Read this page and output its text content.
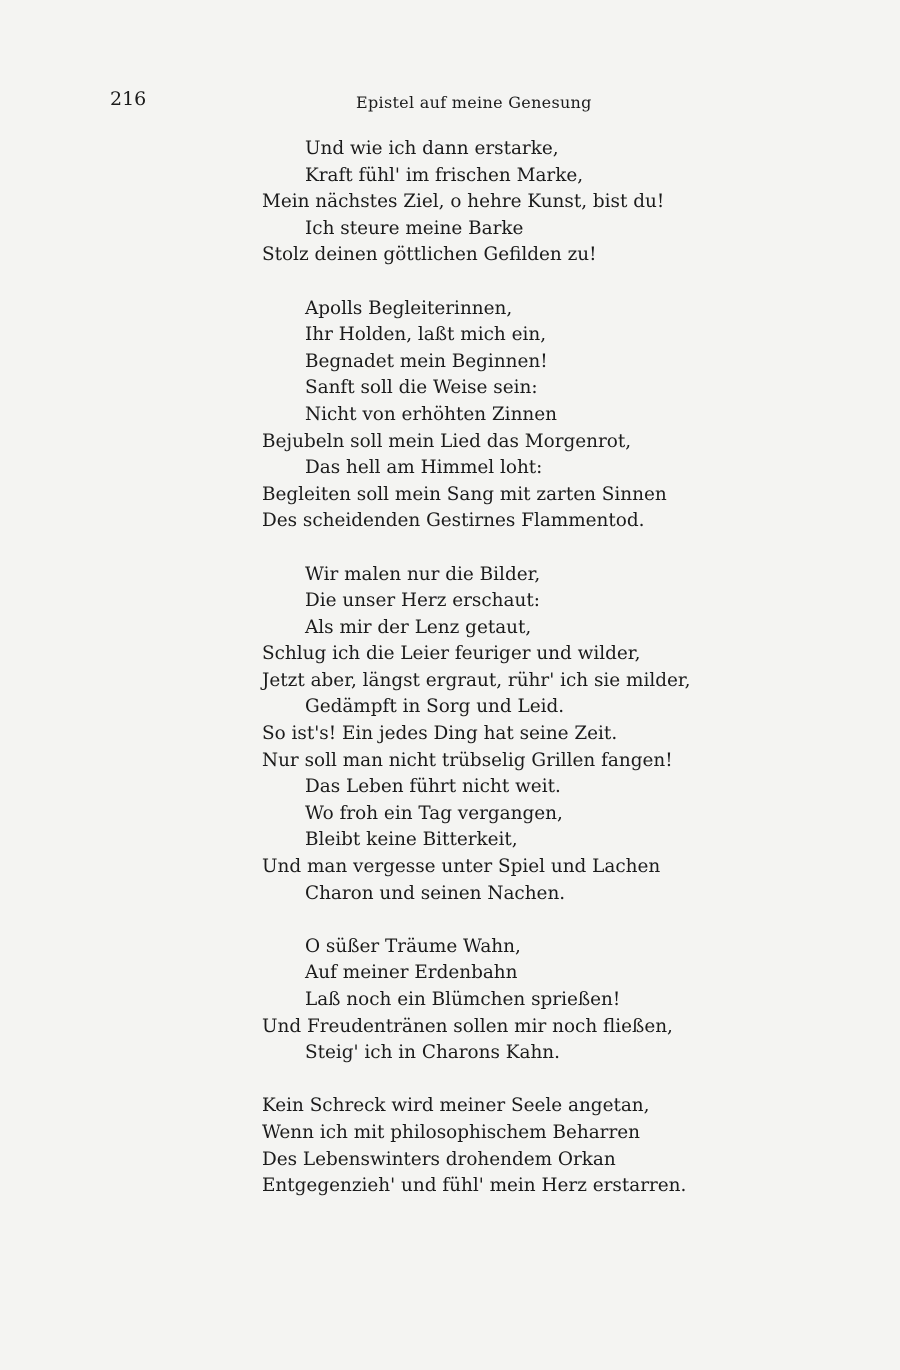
216	Epistel auf meine Genesung
Und wie ich dann erstarke,
Kraft fühl' im frischen Marke,
Mein nächstes Ziel, o hehre Kunst, bist du!
Ich steure meine Barke
Stolz deinen göttlichen Gefilden zu!
Apolls Begleiterinnen,
Ihr Holden, laßt mich ein,
Begnadet mein Beginnen!
Sanft soll die Weise sein:
Nicht von erhöhten Zinnen
Bejubeln soll mein Lied das Morgenrot,
Das hell am Himmel loht:
Begleiten soll mein Sang mit zarten Sinnen
Des scheidenden Gestirnes Flammentod.
Wir malen nur die Bilder,
Die unser Herz erschaut:
Als mir der Lenz getaut,
Schlug ich die Leier feuriger und wilder,
Jetzt aber, längst ergraut, rühr' ich sie milder,
Gedämpft in Sorg und Leid.
So ist's! Ein jedes Ding hat seine Zeit.
Nur soll man nicht trübselig Grillen fangen!
Das Leben führt nicht weit.
Wo froh ein Tag vergangen,
Bleibt keine Bitterkeit,
Und man vergesse unter Spiel und Lachen
Charon und seinen Nachen.
O süßer Träume Wahn,
Auf meiner Erdenbahn
Laß noch ein Blümchen sprießen!
Und Freudentränen sollen mir noch fließen,
Steig' ich in Charons Kahn.
Kein Schreck wird meiner Seele angetan,
Wenn ich mit philosophischem Beharren
Des Lebenswinters drohendem Orkan
Entgegenzieh' und fühl' mein Herz erstarren.
